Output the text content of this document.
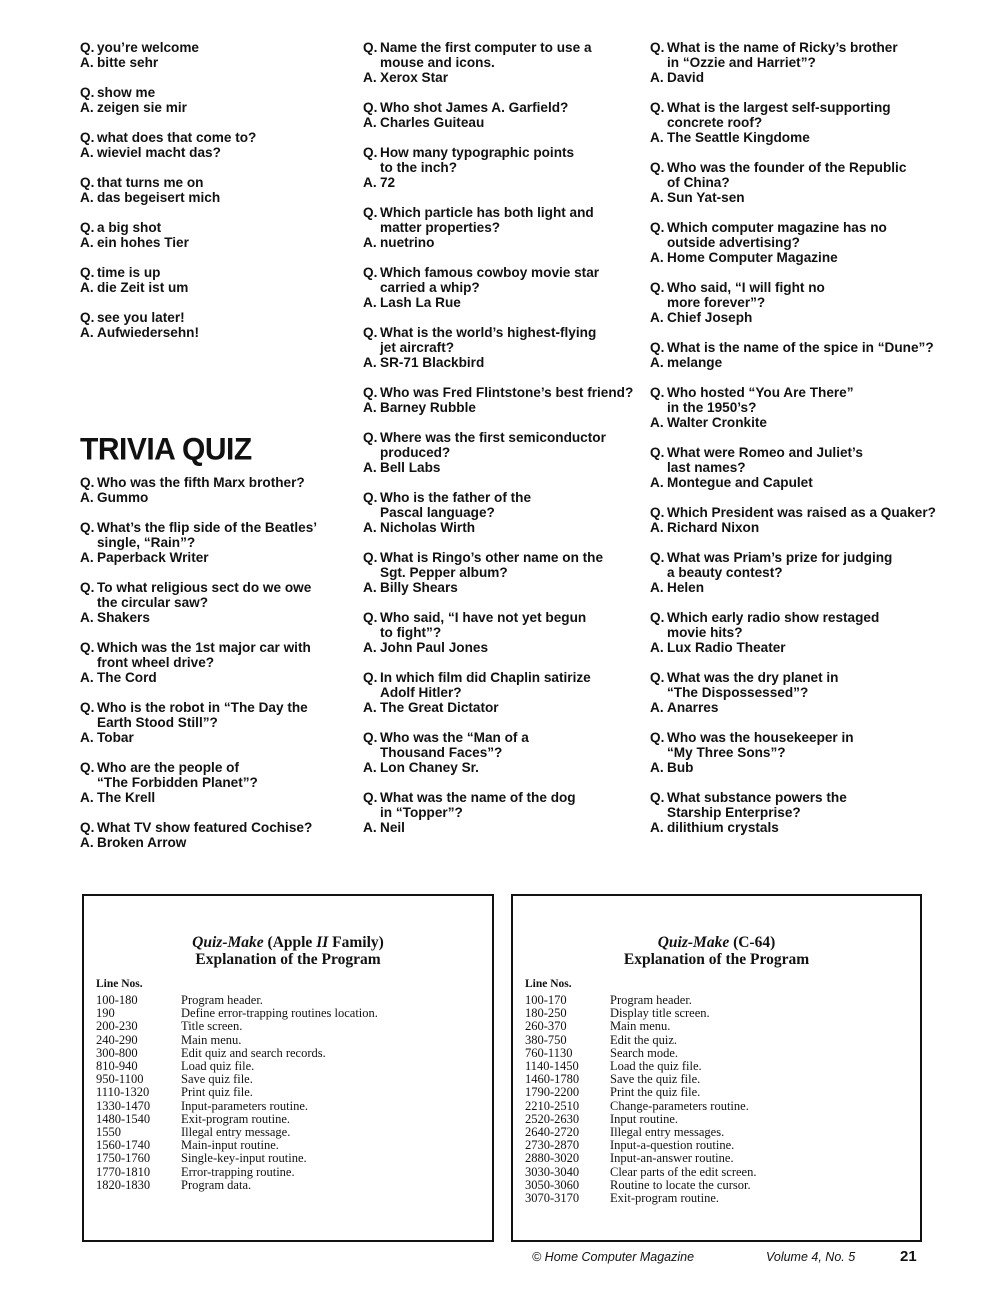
Q. you’re welcome
A. bitte sehr
Q. show me
A. zeigen sie mir
Q. what does that come to?
A. wieviel macht das?
Q. that turns me on
A. das begeisert mich
Q. a big shot
A. ein hohes Tier
Q. time is up
A. die Zeit ist um
Q. see you later!
A. Aufwiedersehn!
TRIVIA QUIZ
Q. Who was the fifth Marx brother?
A. Gummo
Q. What’s the flip side of the Beatles’
single, “Rain”?
A. Paperback Writer
Q. To what religious sect do we owe
the circular saw?
A. Shakers
Q. Which was the 1st major car with
front wheel drive?
A. The Cord
Q. Who is the robot in “The Day the
Earth Stood Still”?
A. Tobar
Q. Who are the people of
“The Forbidden Planet”?
A. The Krell
Q. What TV show featured Cochise?
A. Broken Arrow
Q. Name the first computer to use a
mouse and icons.
A. Xerox Star
Q. Who shot James A. Garfield?
A. Charles Guiteau
Q. How many typographic points
to the inch?
A. 72
Q. Which particle has both light and
matter properties?
A. nuetrino
Q. Which famous cowboy movie star
carried a whip?
A. Lash La Rue
Q. What is the world’s highest-flying
jet aircraft?
A. SR-71 Blackbird
Q. Who was Fred Flintstone’s best friend?
A. Barney Rubble
Q. Where was the first semiconductor
produced?
A. Bell Labs
Q. Who is the father of the
Pascal language?
A. Nicholas Wirth
Q. What is Ringo’s other name on the
Sgt. Pepper album?
A. Billy Shears
Q. Who said, “I have not yet begun
to fight”?
A. John Paul Jones
Q. In which film did Chaplin satirize
Adolf Hitler?
A. The Great Dictator
Q. Who was the “Man of a
Thousand Faces”?
A. Lon Chaney Sr.
Q. What was the name of the dog
in “Topper”?
A. Neil
Q. What is the name of Ricky’s brother
in “Ozzie and Harriet”?
A. David
Q. What is the largest self-supporting
concrete roof?
A. The Seattle Kingdome
Q. Who was the founder of the Republic
of China?
A. Sun Yat-sen
Q. Which computer magazine has no
outside advertising?
A. Home Computer Magazine
Q. Who said, “I will fight no
more forever”?
A. Chief Joseph
Q. What is the name of the spice in “Dune”?
A. melange
Q. Who hosted “You Are There”
in the 1950’s?
A. Walter Cronkite
Q. What were Romeo and Juliet’s
last names?
A. Montegue and Capulet
Q. Which President was raised as a Quaker?
A. Richard Nixon
Q. What was Priam’s prize for judging
a beauty contest?
A. Helen
Q. Which early radio show restaged
movie hits?
A. Lux Radio Theater
Q. What was the dry planet in
“The Dispossessed”?
A. Anarres
Q. Who was the housekeeper in
“My Three Sons”?
A. Bub
Q. What substance powers the
Starship Enterprise?
A. dilithium crystals
Quiz-Make (Apple II Family)
Explanation of the Program
Line Nos.
100-180	Program header.
190	Define error-trapping routines location.
200-230	Title screen.
240-290	Main menu.
300-800	Edit quiz and search records.
810-940	Load quiz file.
950-1100	Save quiz file.
1110-1320	Print quiz file.
1330-1470	Input-parameters routine.
1480-1540	Exit-program routine.
1550	Illegal entry message.
1560-1740	Main-input routine.
1750-1760	Single-key-input routine.
1770-1810	Error-trapping routine.
1820-1830	Program data.
Quiz-Make (C-64)
Explanation of the Program
Line Nos.
100-170	Program header.
180-250	Display title screen.
260-370	Main menu.
380-750	Edit the quiz.
760-1130	Search mode.
1140-1450	Load the quiz file.
1460-1780	Save the quiz file.
1790-2200	Print the quiz file.
2210-2510	Change-parameters routine.
2520-2630	Input routine.
2640-2720	Illegal entry messages.
2730-2870	Input-a-question routine.
2880-3020	Input-an-answer routine.
3030-3040	Clear parts of the edit screen.
3050-3060	Routine to locate the cursor.
3070-3170	Exit-program routine.
© Home Computer Magazine	Volume 4, No. 5	21
